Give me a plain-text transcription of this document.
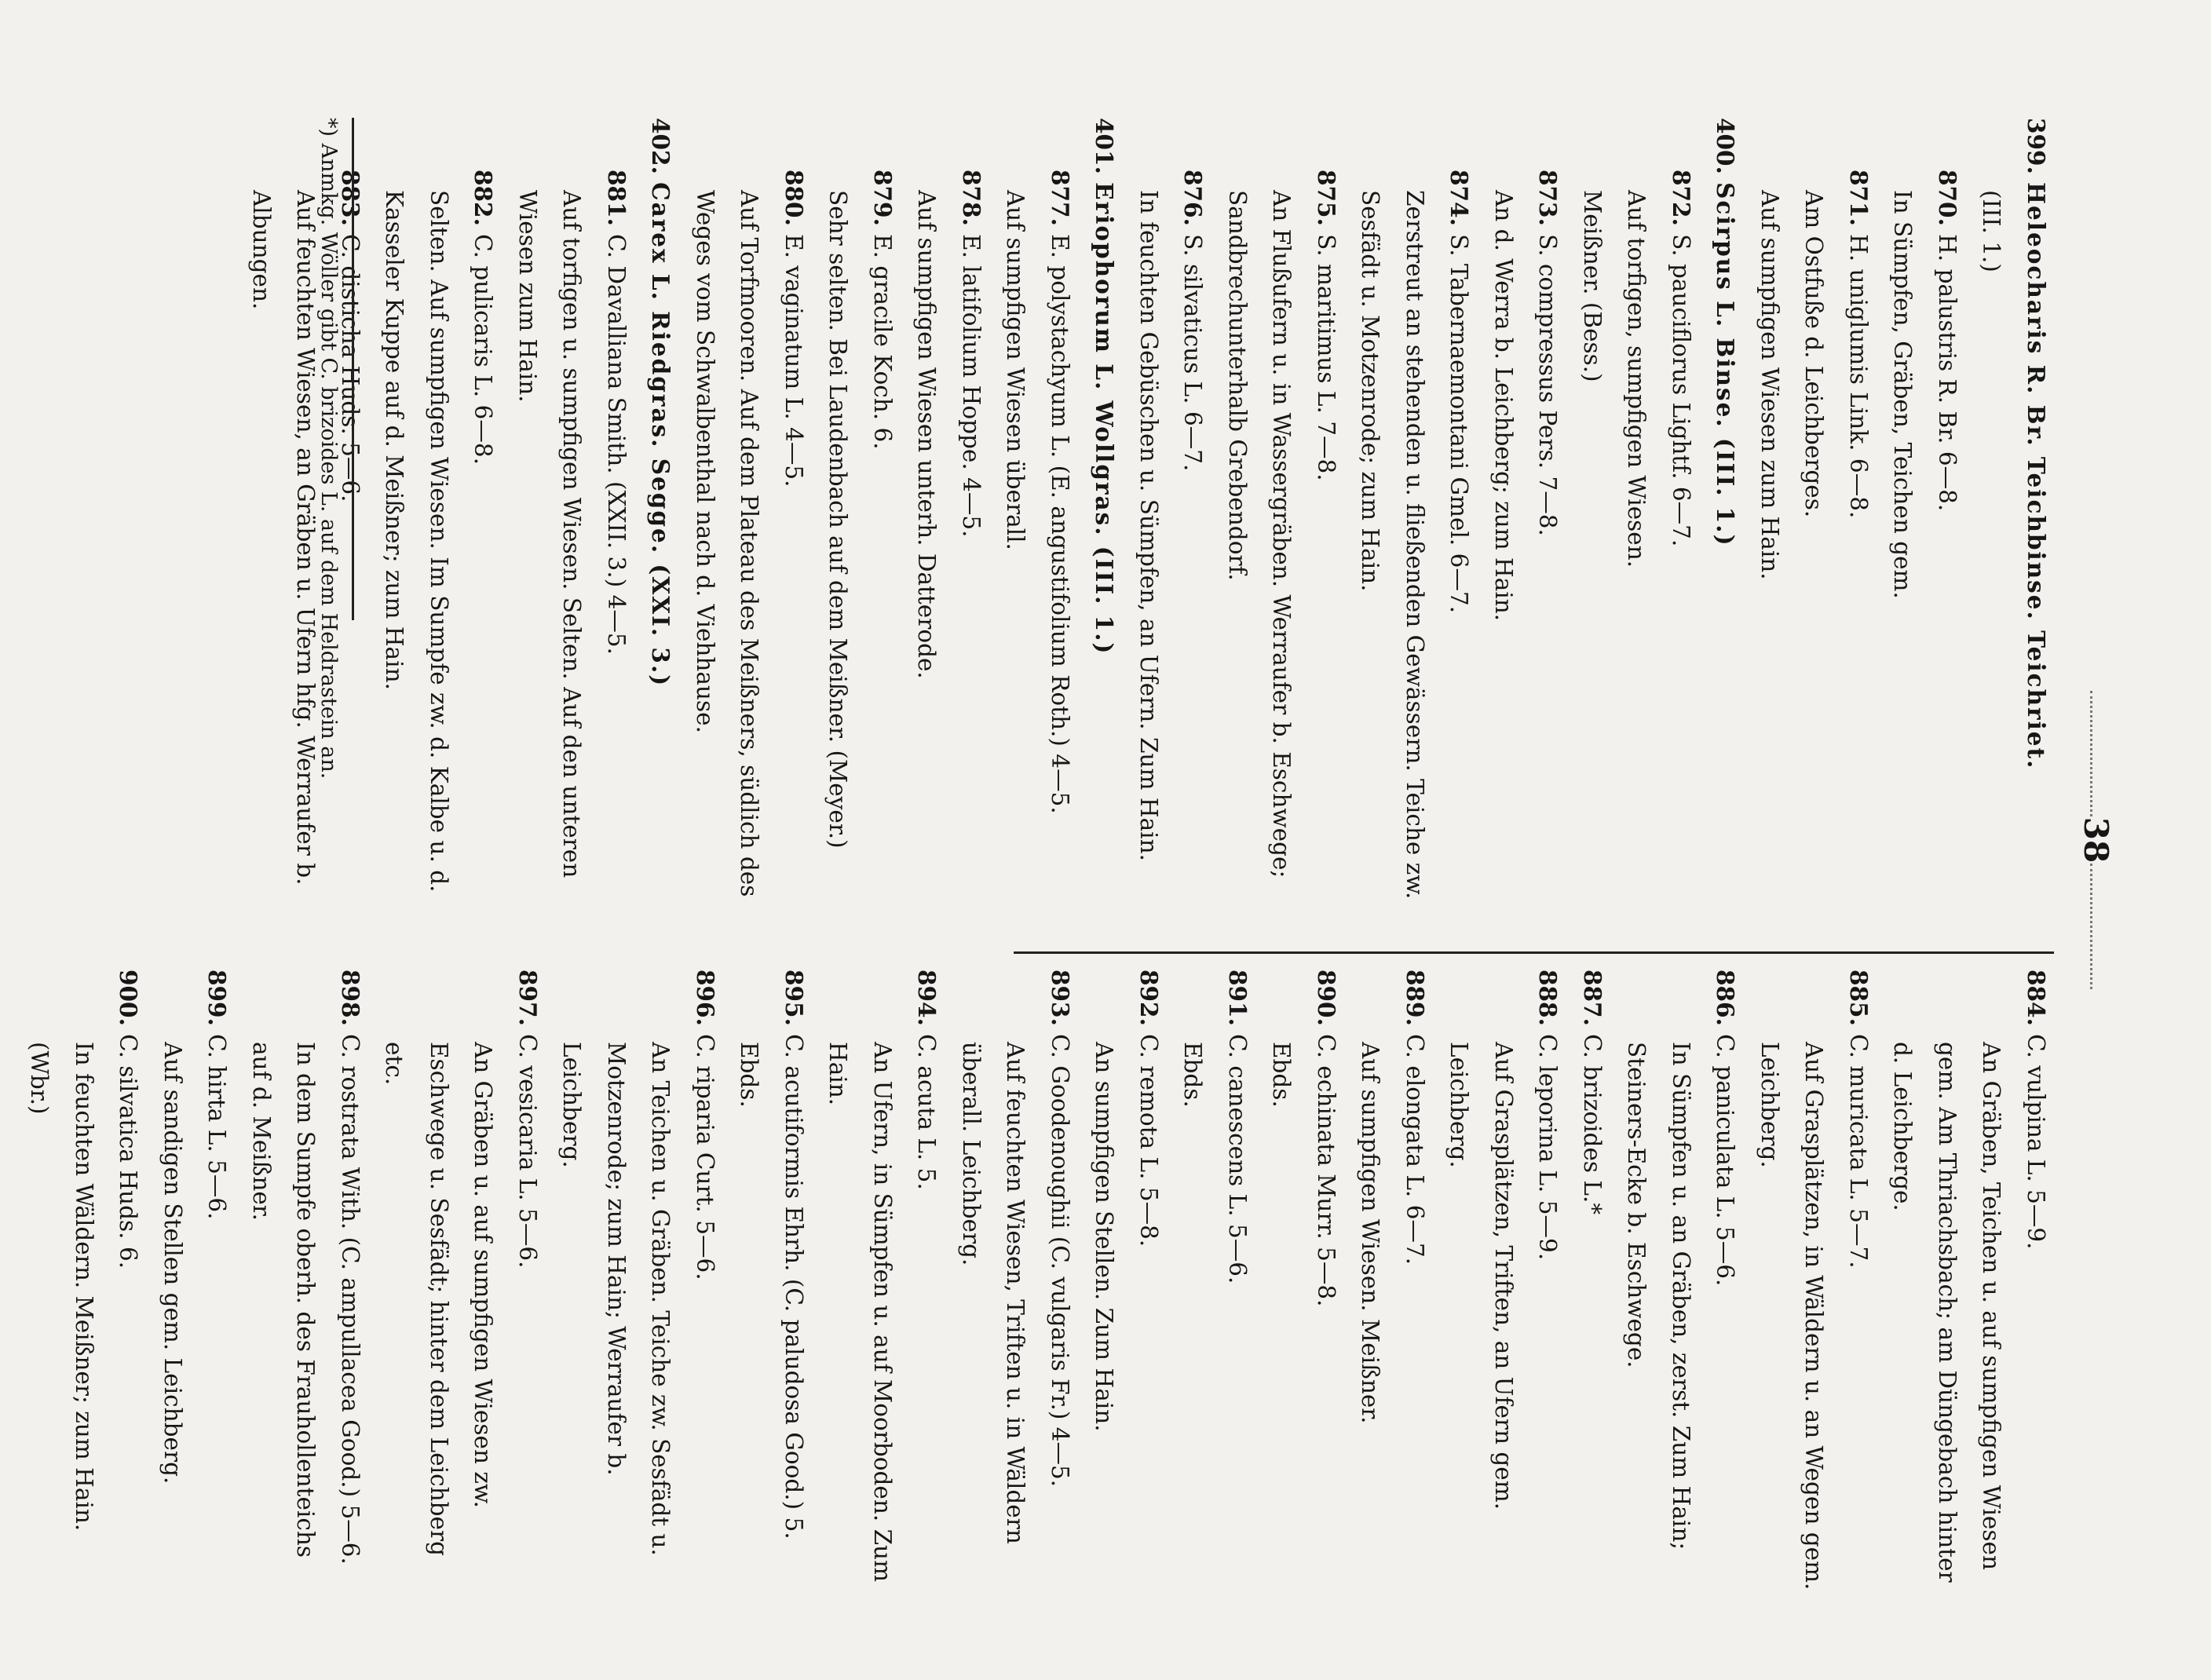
38
399. Heleocharis R. Br. Teichbinse. Teichriet.
(III. 1.)
870. H. palustris R. Br. 6—8.
In Sümpfen, Gräben, Teichen gem.
871. H. uniglumis Link. 6—8.
Am Ostfuße d. Leichberges.
Auf sumpfigen Wiesen zum Hain.
400. Scirpus L. Binse. (III. 1.)
872. S. pauciflorus Lightf. 6—7.
Auf torfigen, sumpfigen Wiesen.
Meißner. (Bess.)
873. S. compressus Pers. 7—8.
An d. Werra b. Leichberg; zum Hain.
874. S. Tabernaemontani Gmel. 6—7.
Zerstreut an stehenden u. fließenden Gewässern. Teiche zw. Sesfädt u. Motzenrode; zum Hain.
875. S. maritimus L. 7—8.
An Flußufern u. in Wassergräben. Werraufer b. Eschwege; Sandbrechunterhalb Grebendorf.
876. S. silvaticus L. 6—7.
In feuchten Gebüschen u. Sümpfen, an Ufern. Zum Hain.
401. Eriophorum L. Wollgras. (III. 1.)
877. E. polystachyum L. (E. angustifolium Roth.) 4—5.
Auf sumpfigen Wiesen überall.
878. E. latifolium Hoppe. 4—5.
Auf sumpfigen Wiesen unterh. Datterode.
879. E. gracile Koch. 6.
Sehr selten. Bei Laudenbach auf dem Meißner. (Meyer.)
880. E. vaginatum L. 4—5.
Auf Torfmooren. Auf dem Plateau des Meißners, südlich des Weges vom Schwalbenthal nach d. Viehhause.
402. Carex L. Riedgras. Segge. (XXI. 3.)
881. C. Davalliana Smith. (XXII. 3.) 4—5.
Auf torfigen u. sumpfigen Wiesen. Selten. Auf den unteren Wiesen zum Hain.
882. C. pulicaris L. 6—8.
Selten. Auf sumpfigen Wiesen. Im Sumpfe zw. d. Kalbe u. d. Kasseler Kuppe auf d. Meißner; zum Hain.
883. C. disticha Huds. 5—6.
Auf feuchten Wiesen, an Gräben u. Ufern hfg. Werraufer b. Albungen.
884. C. vulpina L. 5—9.
An Gräben, Teichen u. auf sumpfigen Wiesen gem. Am Thriachsbach; am Düngebach hinter d. Leichberge.
885. C. muricata L. 5—7.
Auf Grasplätzen, in Wäldern u. an Wegen gem. Leichberg.
886. C. paniculata L. 5—6.
In Sümpfen u. an Gräben, zerst. Zum Hain; Steiners-Ecke b. Eschwege.
887. C. brizoides L.*
888. C. leporina L. 5—9.
Auf Grasplätzen, Triften, an Ufern gem. Leichberg.
889. C. elongata L. 6—7.
Auf sumpfigen Wiesen. Meißner.
890. C. echinata Murr. 5—8.
Ebds.
891. C. canescens L. 5—6.
Ebds.
892. C. remota L. 5—8.
An sumpfigen Stellen. Zum Hain.
893. C. Goodenoughii (C. vulgaris Fr.) 4—5.
Auf feuchten Wiesen, Triften u. in Wäldern überall. Leichberg.
894. C. acuta L. 5.
An Ufern, in Sümpfen u. auf Moorboden. Zum Hain.
895. C. acutiformis Ehrh. (C. paludosa Good.) 5.
Ebds.
896. C. riparia Curt. 5—6.
An Teichen u. Gräben. Teiche zw. Sesfädt u. Motzenrode; zum Hain; Werraufer b. Leichberg.
897. C. vesicaria L. 5—6.
An Gräben u. auf sumpfigen Wiesen zw. Eschwege u. Sesfädt; hinter dem Leichberg etc.
898. C. rostrata With. (C. ampullacea Good.) 5—6.
In dem Sumpfe oberh. des Frauhollenteichs auf d. Meißner.
899. C. hirta L. 5—6.
Auf sandigen Stellen gem. Leichberg.
900. C. silvatica Huds. 6.
In feuchten Wäldern. Meißner; zum Hain. (Wbr.)
*) Anmkg. Wöller gibt C. brizoides L. auf dem Heldrastein an.
